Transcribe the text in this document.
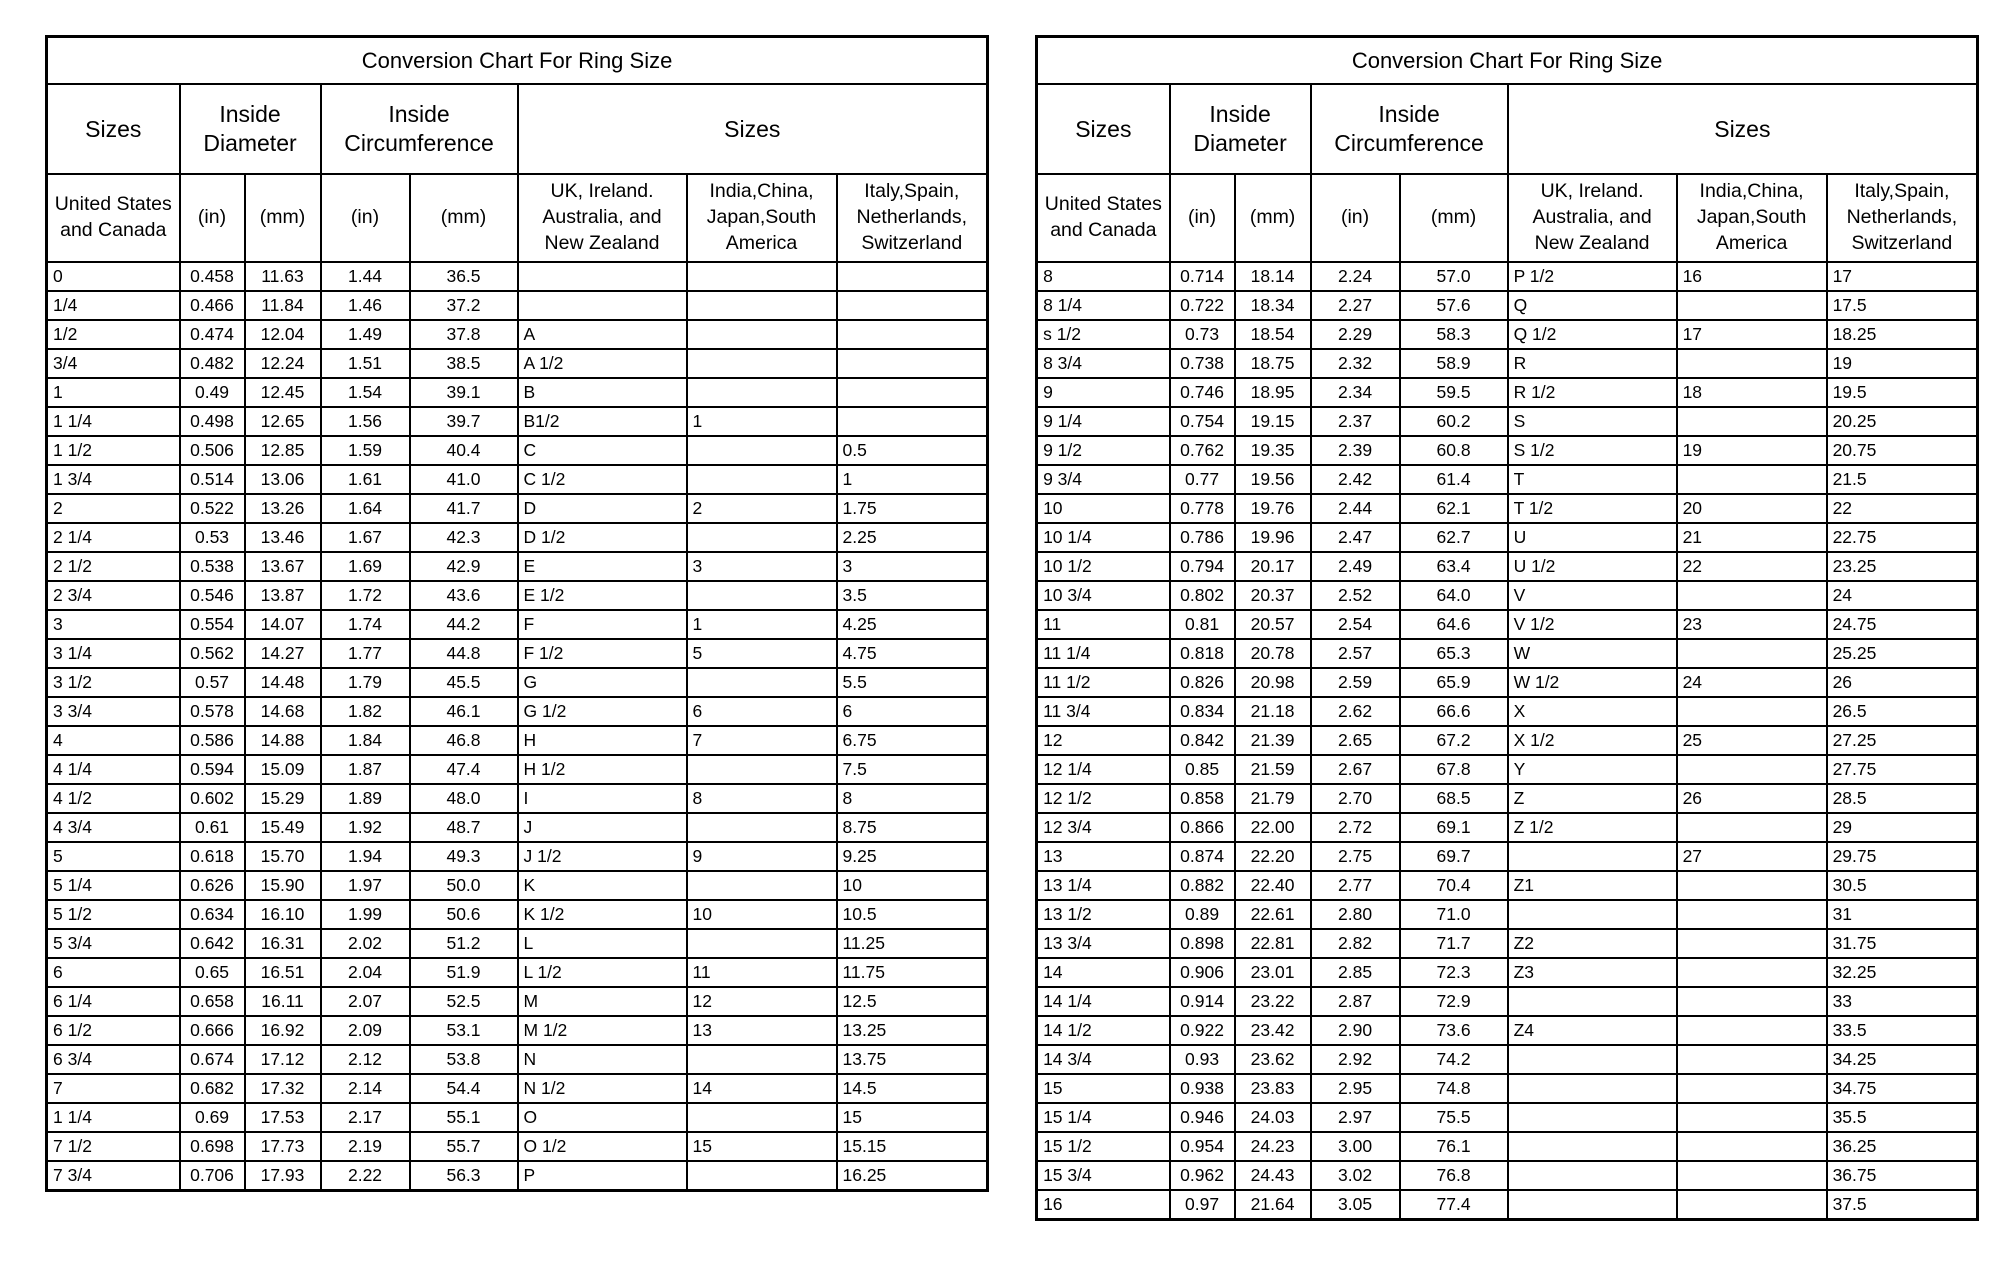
Conversion Chart For Ring Size							
Sizes	Inside Diameter		Inside Circumference		Sizes		
United States and Canada	(in)	(mm)	(in)	(mm)	UK, Ireland. Australia, and New Zealand	India,China, Japan,South America	Italy,Spain, Netherlands, Switzerland
0	0.458	11.63	1.44	36.5			
1/4	0.466	11.84	1.46	37.2			
1/2	0.474	12.04	1.49	37.8	A		
3/4	0.482	12.24	1.51	38.5	A 1/2		
1	0.49	12.45	1.54	39.1	B		
1 1/4	0.498	12.65	1.56	39.7	B1/2	1	
1 1/2	0.506	12.85	1.59	40.4	C		0.5
1 3/4	0.514	13.06	1.61	41.0	C 1/2		1
2	0.522	13.26	1.64	41.7	D	2	1.75
2 1/4	0.53	13.46	1.67	42.3	D 1/2		2.25
2 1/2	0.538	13.67	1.69	42.9	E	3	3
2 3/4	0.546	13.87	1.72	43.6	E 1/2		3.5
3	0.554	14.07	1.74	44.2	F	1	4.25
3 1/4	0.562	14.27	1.77	44.8	F 1/2	5	4.75
3 1/2	0.57	14.48	1.79	45.5	G		5.5
3 3/4	0.578	14.68	1.82	46.1	G 1/2	6	6
4	0.586	14.88	1.84	46.8	H	7	6.75
4 1/4	0.594	15.09	1.87	47.4	H 1/2		7.5
4 1/2	0.602	15.29	1.89	48.0	I	8	8
4 3/4	0.61	15.49	1.92	48.7	J		8.75
5	0.618	15.70	1.94	49.3	J 1/2	9	9.25
5 1/4	0.626	15.90	1.97	50.0	K		10
5 1/2	0.634	16.10	1.99	50.6	K 1/2	10	10.5
5 3/4	0.642	16.31	2.02	51.2	L		11.25
6	0.65	16.51	2.04	51.9	L 1/2	11	11.75
6 1/4	0.658	16.11	2.07	52.5	M	12	12.5
6 1/2	0.666	16.92	2.09	53.1	M 1/2	13	13.25
6 3/4	0.674	17.12	2.12	53.8	N		13.75
7	0.682	17.32	2.14	54.4	N 1/2	14	14.5
1 1/4	0.69	17.53	2.17	55.1	O		15
7 1/2	0.698	17.73	2.19	55.7	O 1/2	15	15.15
7 3/4	0.706	17.93	2.22	56.3	P		16.25
Conversion Chart For Ring Size							
Sizes	Inside Diameter		Inside Circumference		Sizes		
United States and Canada	(in)	(mm)	(in)	(mm)	UK, Ireland. Australia, and New Zealand	India,China, Japan,South America	Italy,Spain, Netherlands, Switzerland
8	0.714	18.14	2.24	57.0	P 1/2	16	17
8 1/4	0.722	18.34	2.27	57.6	Q		17.5
s 1/2	0.73	18.54	2.29	58.3	Q 1/2	17	18.25
8 3/4	0.738	18.75	2.32	58.9	R		19
9	0.746	18.95	2.34	59.5	R 1/2	18	19.5
9 1/4	0.754	19.15	2.37	60.2	S		20.25
9 1/2	0.762	19.35	2.39	60.8	S 1/2	19	20.75
9 3/4	0.77	19.56	2.42	61.4	T		21.5
10	0.778	19.76	2.44	62.1	T 1/2	20	22
10 1/4	0.786	19.96	2.47	62.7	U	21	22.75
10 1/2	0.794	20.17	2.49	63.4	U 1/2	22	23.25
10 3/4	0.802	20.37	2.52	64.0	V		24
11	0.81	20.57	2.54	64.6	V 1/2	23	24.75
11 1/4	0.818	20.78	2.57	65.3	W		25.25
11 1/2	0.826	20.98	2.59	65.9	W 1/2	24	26
11 3/4	0.834	21.18	2.62	66.6	X		26.5
12	0.842	21.39	2.65	67.2	X 1/2	25	27.25
12 1/4	0.85	21.59	2.67	67.8	Y		27.75
12 1/2	0.858	21.79	2.70	68.5	Z	26	28.5
12 3/4	0.866	22.00	2.72	69.1	Z 1/2		29
13	0.874	22.20	2.75	69.7		27	29.75
13 1/4	0.882	22.40	2.77	70.4	Z1		30.5
13 1/2	0.89	22.61	2.80	71.0			31
13 3/4	0.898	22.81	2.82	71.7	Z2		31.75
14	0.906	23.01	2.85	72.3	Z3		32.25
14 1/4	0.914	23.22	2.87	72.9			33
14 1/2	0.922	23.42	2.90	73.6	Z4		33.5
14 3/4	0.93	23.62	2.92	74.2			34.25
15	0.938	23.83	2.95	74.8			34.75
15 1/4	0.946	24.03	2.97	75.5			35.5
15 1/2	0.954	24.23	3.00	76.1			36.25
15 3/4	0.962	24.43	3.02	76.8			36.75
16	0.97	21.64	3.05	77.4			37.5
